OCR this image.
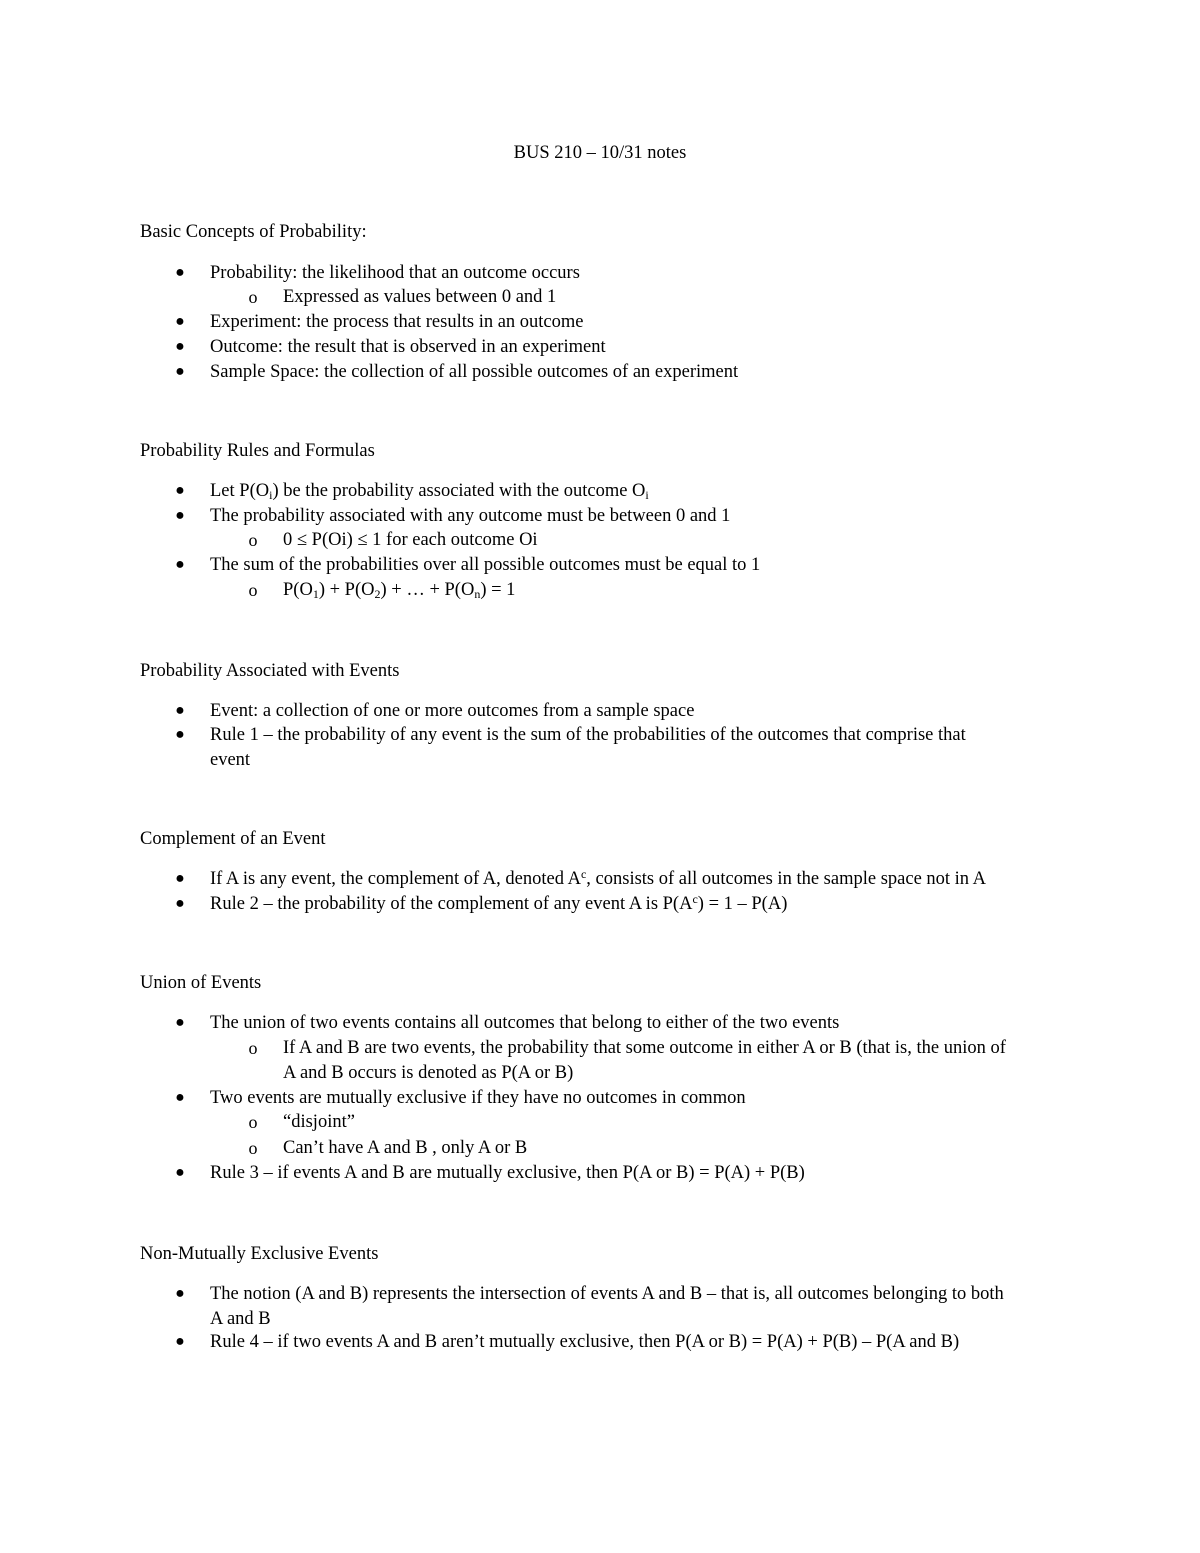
BUS 210 – 10/31 notes
Basic Concepts of Probability:
● Probability: the likelihood that an outcome occurs
o Expressed as values between 0 and 1
● Experiment: the process that results in an outcome
● Outcome: the result that is observed in an experiment
● Sample Space: the collection of all possible outcomes of an experiment
Probability Rules and Formulas
● Let $P(O_i)$ be the probability associated with the outcome $O_i$
● The probability associated with any outcome must be between 0 and 1
o 0 ≤ P(Oi) ≤ 1 for each outcome Oi
● The sum of the probabilities over all possible outcomes must be equal to 1
o $P(O_1) + P(O_2)$ + … + $P(O_n) = 1$
Probability Associated with Events
● Event: a collection of one or more outcomes from a sample space
● Rule 1 – the probability of any event is the sum of the probabilities of the outcomes that comprise that
event
Complement of an Event
● If A is any event, the complement of A, denoted $A^c$, consists of all outcomes in the sample space not in A
● Rule 2 – the probability of the complement of any event A is $P(A^c) = 1 - P(A)$
Union of Events
● The union of two events contains all outcomes that belong to either of the two events
o If A and B are two events, the probability that some outcome in either A or B (that is, the union of
A and B occurs is denoted as P(A or B)
● Two events are mutually exclusive if they have no outcomes in common
o “disjoint”
o Can’t have A and B , only A or B
● Rule 3 – if events A and B are mutually exclusive, then P(A or B) = P(A) + P(B)
Non-Mutually Exclusive Events
● The notion (A and B) represents the intersection of events A and B – that is, all outcomes belonging to both
A and B
● Rule 4 – if two events A and B aren’t mutually exclusive, then P(A or B) = P(A) + P(B) – P(A and B)
